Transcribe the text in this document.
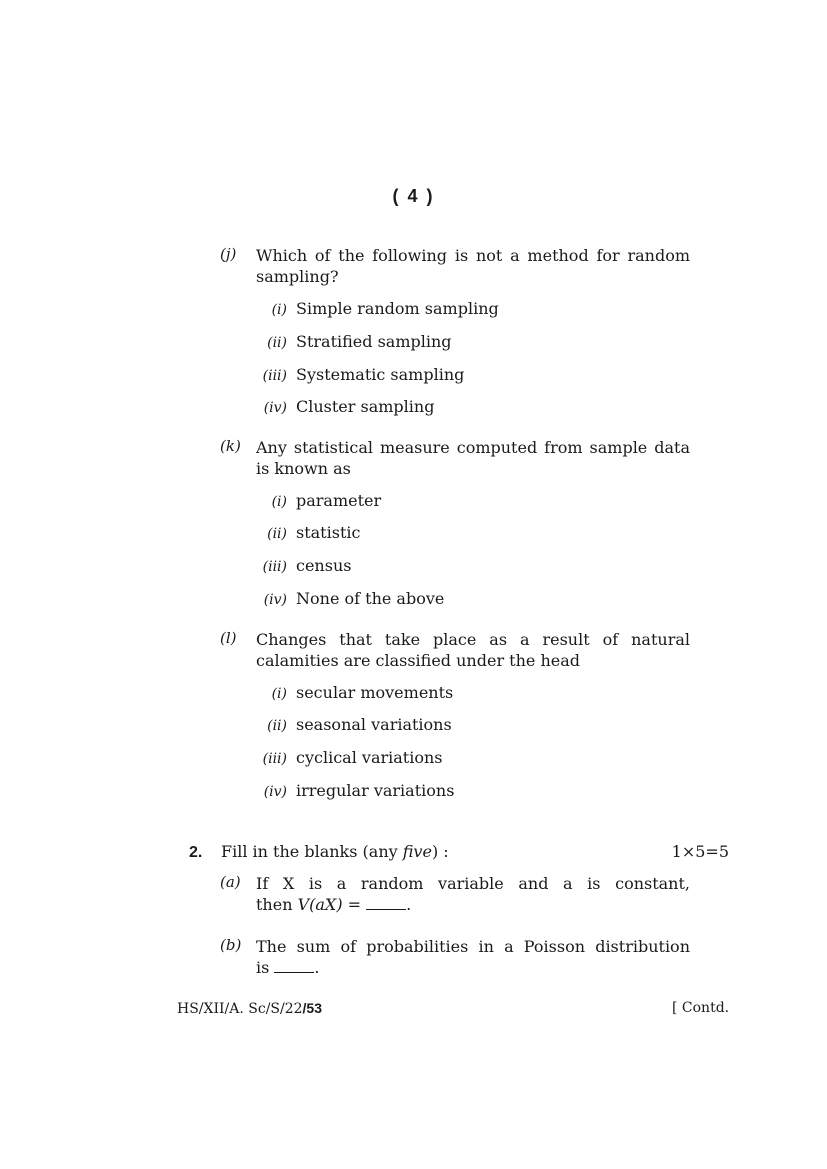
( 4 )
(j) Which of the following is not a method for random sampling?
(i) Simple random sampling
(ii) Stratified sampling
(iii) Systematic sampling
(iv) Cluster sampling
(k) Any statistical measure computed from sample data is known as
(i) parameter
(ii) statistic
(iii) census
(iv) None of the above
(l) Changes that take place as a result of natural calamities are classified under the head
(i) secular movements
(ii) seasonal variations
(iii) cyclical variations
(iv) irregular variations
2. Fill in the blanks (any five) :	1×5=5
(a) If X is a random variable and a is constant,
then V(aX) =	.
(b) The sum of probabilities in a Poisson distribution
is	.
HS/XII/A. Sc/S/22/53	[ Contd.
